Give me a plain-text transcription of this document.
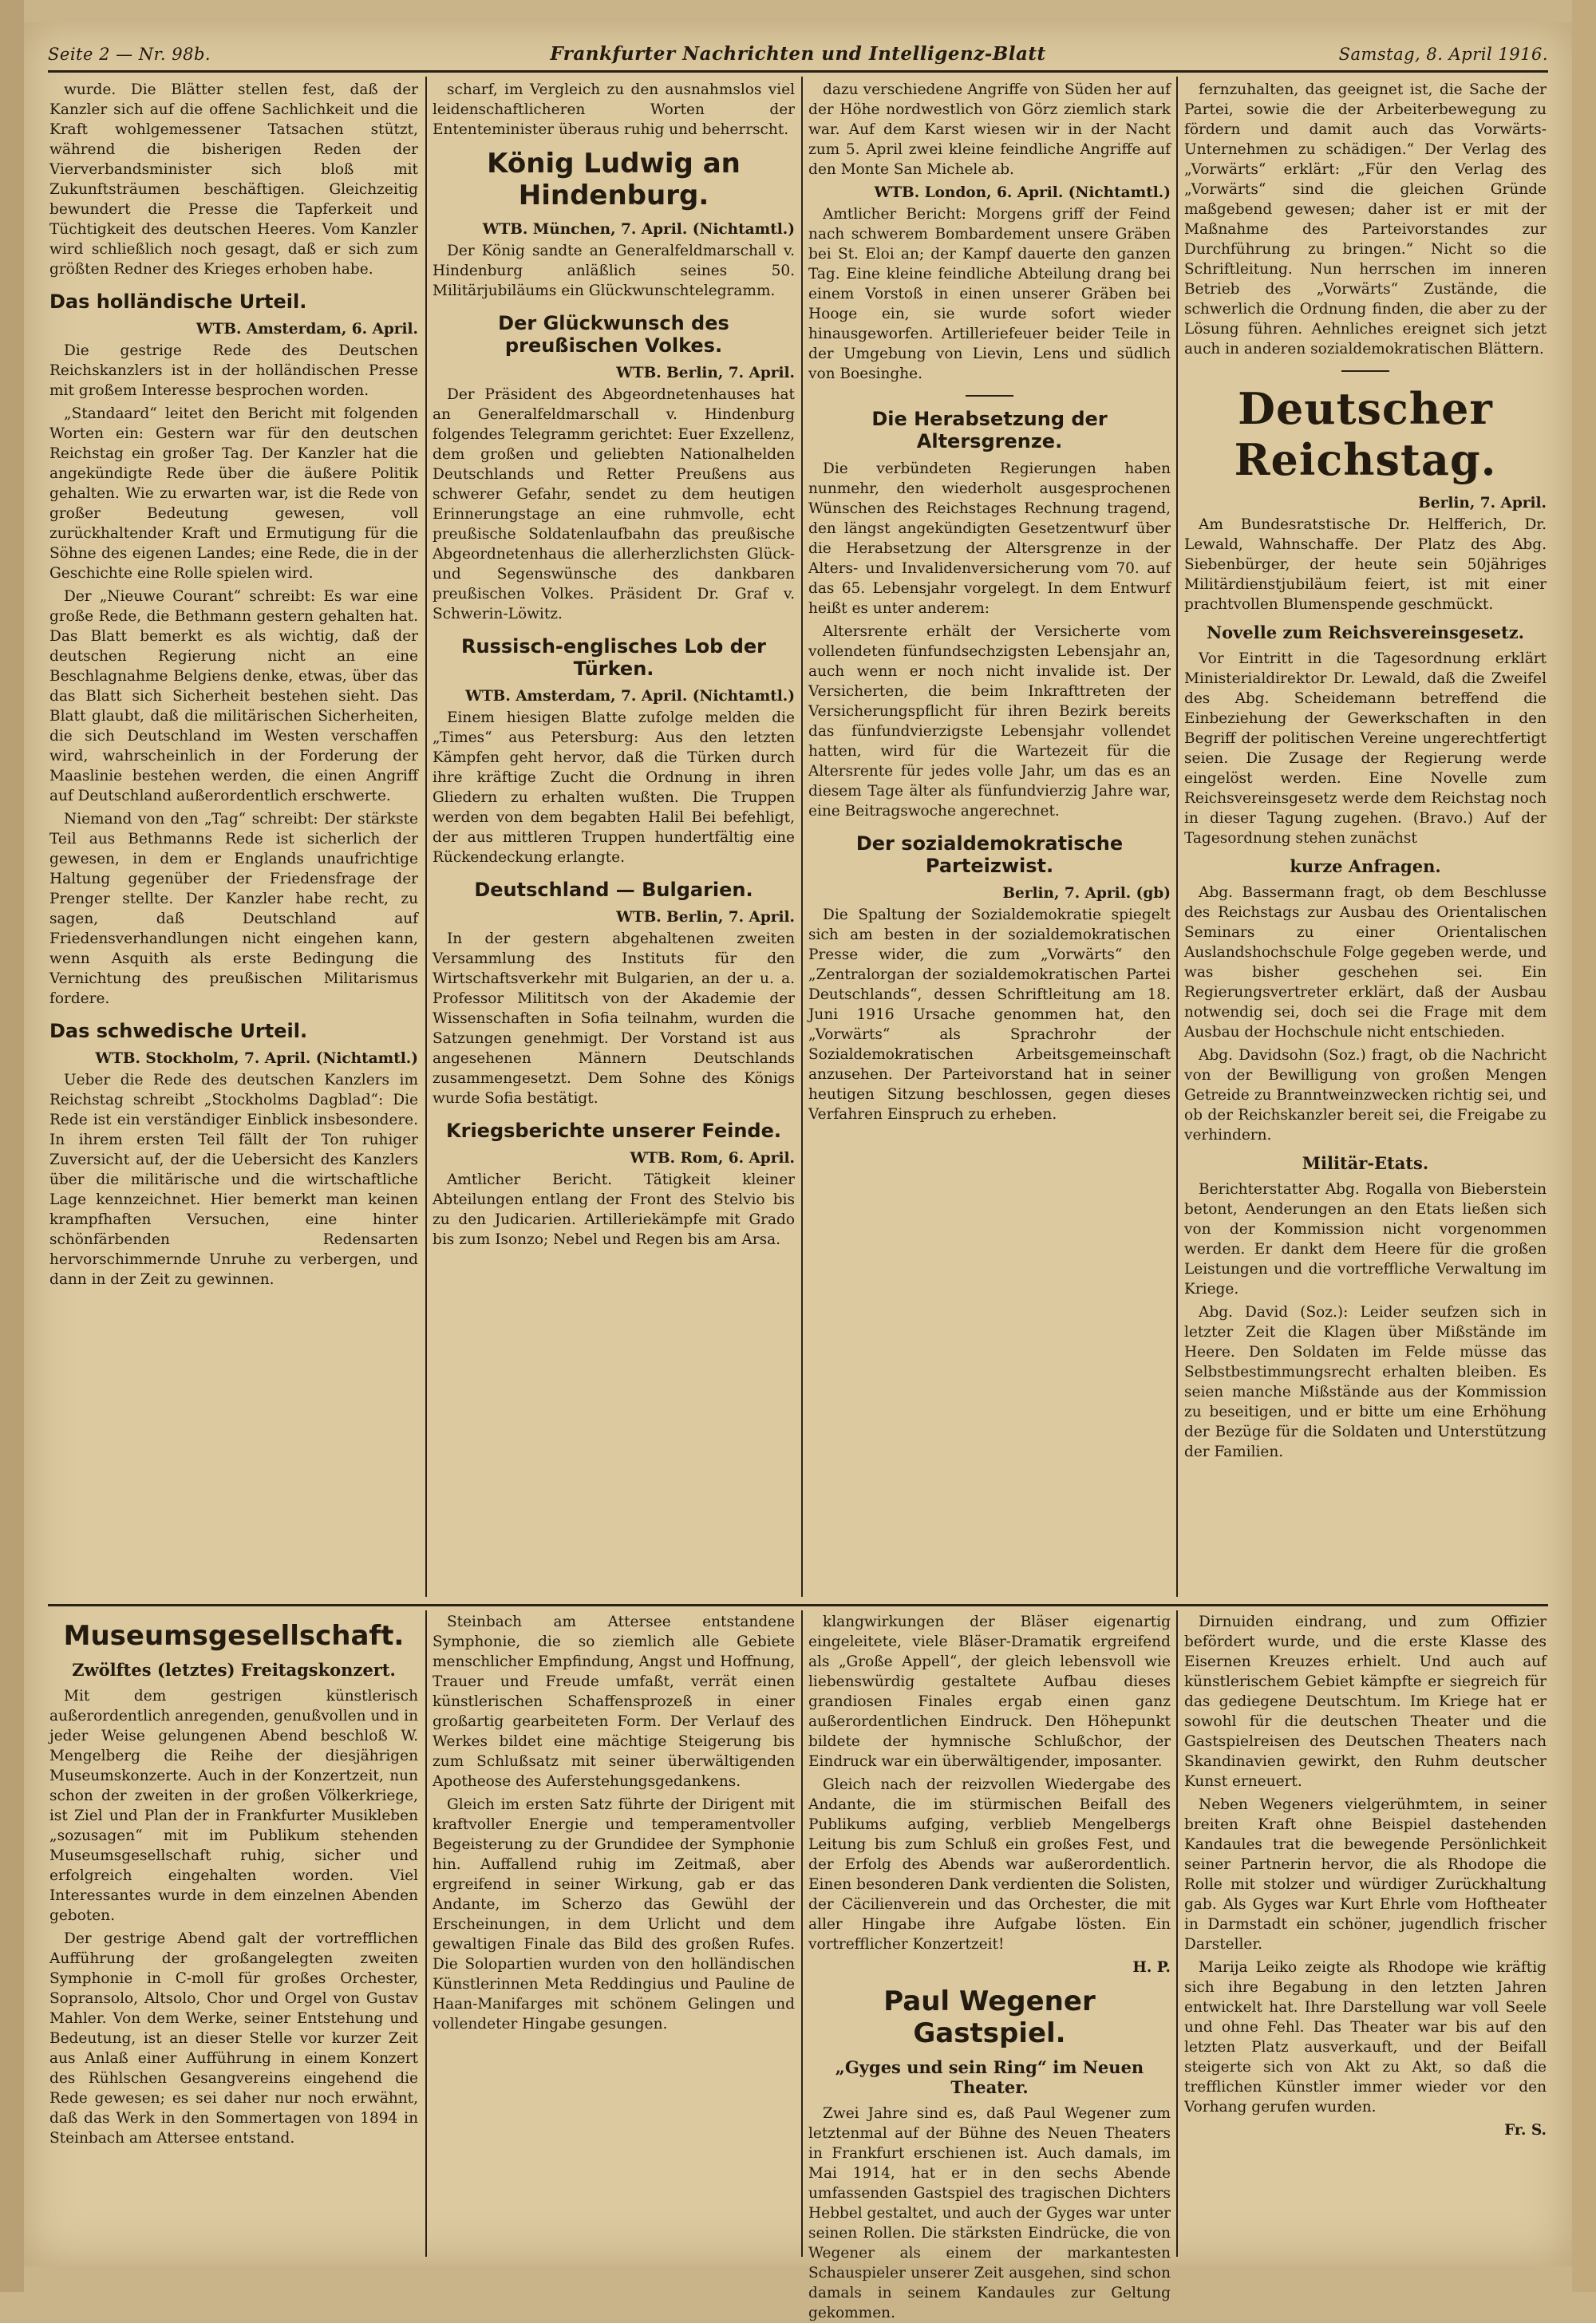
Seite 2 — Nr. 98b.	Frankfurter Nachrichten und Intelligenz-Blatt	Samstag, 8. April 1916.

wurde. Die Blätter stellen fest, daß der Kanzler sich auf die offene Sachlichkeit und die Kraft wohlgemessener Tatsachen stützt, während die bisherigen Reden der Vierverbandsminister sich bloß mit Zukunftsträumen beschäftigen. Gleichzeitig bewundert die Presse die Tapferkeit und Tüchtigkeit des deutschen Heeres. Vom Kanzler wird schließlich noch gesagt, daß er sich zum größten Redner des Krieges erhoben habe.

Das holländische Urteil.
WTB. Amsterdam, 6. April.

Die gestrige Rede des Deutschen Reichskanzlers ist in der holländischen Presse mit großem Interesse besprochen worden.

„Standaard“ leitet den Bericht mit folgenden Worten ein: Gestern war für den deutschen Reichstag ein großer Tag. Der Kanzler hat die angekündigte Rede über die äußere Politik gehalten. Wie zu erwarten war, ist die Rede von großer Bedeutung gewesen, voll zurückhaltender Kraft und Ermutigung für die Söhne des eigenen Landes; eine Rede, die in der Geschichte eine Rolle spielen wird.

Der „Nieuwe Courant“ schreibt: Es war eine große Rede, die Bethmann gestern gehalten hat. Das Blatt bemerkt es als wichtig, daß der deutschen Regierung nicht an eine Beschlagnahme Belgiens denke, etwas, über das das Blatt sich Sicherheit bestehen sieht. Das Blatt glaubt, daß die militärischen Sicherheiten, die sich Deutschland im Westen verschaffen wird, wahrscheinlich in der Forderung der Maaslinie bestehen werden, die einen Angriff auf Deutschland außerordentlich erschwerte.

Niemand von den „Tag“ schreibt: Der stärkste Teil aus Bethmanns Rede ist sicherlich der gewesen, in dem er Englands unaufrichtige Haltung gegenüber der Friedensfrage der Prenger stellte. Der Kanzler habe recht, zu sagen, daß Deutschland auf Friedensverhandlungen nicht eingehen kann, wenn Asquith als erste Bedingung die Vernichtung des preußischen Militarismus fordere.

Das schwedische Urteil.
WTB. Stockholm, 7. April. (Nichtamtl.)

Ueber die Rede des deutschen Kanzlers im Reichstag schreibt „Stockholms Dagblad“: Die Rede ist ein verständiger Einblick insbesondere. In ihrem ersten Teil fällt der Ton ruhiger Zuversicht auf, der die Uebersicht des Kanzlers über die militärische und die wirtschaftliche Lage kennzeichnet. Hier bemerkt man keinen krampfhaften Versuchen, eine hinter schönfärbenden Redensarten hervorschimmernde Unruhe zu verbergen, und dann in der Zeit zu gewinnen.

scharf, im Vergleich zu den ausnahmslos viel leidenschaftlicheren Worten der Ententeminister überaus ruhig und beherrscht.

König Ludwig an Hindenburg.
WTB. München, 7. April. (Nichtamtl.)

Der König sandte an Generalfeldmarschall v. Hindenburg anläßlich seines 50. Militärjubiläums ein Glückwunschtelegramm.

Der Glückwunsch des preußischen Volkes.
WTB. Berlin, 7. April.

Der Präsident des Abgeordnetenhauses hat an Generalfeldmarschall v. Hindenburg folgendes Telegramm gerichtet: Euer Exzellenz, dem großen und geliebten Nationalhelden Deutschlands und Retter Preußens aus schwerer Gefahr, sendet zu dem heutigen Erinnerungstage an eine ruhmvolle, echt preußische Soldatenlaufbahn das preußische Abgeordnetenhaus die allerherzlichsten Glück- und Segenswünsche des dankbaren preußischen Volkes. Präsident Dr. Graf v. Schwerin-Löwitz.

Russisch-englisches Lob der Türken.
WTB. Amsterdam, 7. April. (Nichtamtl.)

Einem hiesigen Blatte zufolge melden die „Times“ aus Petersburg: Aus den letzten Kämpfen geht hervor, daß die Türken durch ihre kräftige Zucht die Ordnung in ihren Gliedern zu erhalten wußten. Die Truppen werden von dem begabten Halil Bei befehligt, der aus mittleren Truppen hundertfältig eine Rückendeckung erlangte.

Deutschland — Bulgarien.
WTB. Berlin, 7. April.

In der gestern abgehaltenen zweiten Versammlung des Instituts für den Wirtschaftsverkehr mit Bulgarien, an der u. a. Professor Milititsch von der Akademie der Wissenschaften in Sofia teilnahm, wurden die Satzungen genehmigt. Der Vorstand ist aus angesehenen Männern Deutschlands zusammengesetzt. Dem Sohne des Königs wurde Sofia bestätigt.

Kriegsberichte unserer Feinde.
WTB. Rom, 6. April.

Amtlicher Bericht. Tätigkeit kleiner Abteilungen entlang der Front des Stelvio bis zu den Judicarien. Artilleriekämpfe mit Grado bis zum Isonzo; Nebel und Regen bis am Arsa.

dazu verschiedene Angriffe von Süden her auf der Höhe nordwestlich von Görz ziemlich stark war. Auf dem Karst wiesen wir in der Nacht zum 5. April zwei kleine feindliche Angriffe auf den Monte San Michele ab.

WTB. London, 6. April. (Nichtamtl.)

Amtlicher Bericht: Morgens griff der Feind nach schwerem Bombardement unsere Gräben bei St. Eloi an; der Kampf dauerte den ganzen Tag. Eine kleine feindliche Abteilung drang bei einem Vorstoß in einen unserer Gräben bei Hooge ein, sie wurde sofort wieder hinausgeworfen. Artilleriefeuer beider Teile in der Umgebung von Lievin, Lens und südlich von Boesinghe.

Die Herabsetzung der Altersgrenze.

Die verbündeten Regierungen haben nunmehr, den wiederholt ausgesprochenen Wünschen des Reichstages Rechnung tragend, den längst angekündigten Gesetzentwurf über die Herabsetzung der Altersgrenze in der Alters- und Invalidenversicherung vom 70. auf das 65. Lebensjahr vorgelegt. In dem Entwurf heißt es unter anderem:

Altersrente erhält der Versicherte vom vollendeten fünfundsechzigsten Lebensjahr an, auch wenn er noch nicht invalide ist. Der Versicherten, die beim Inkrafttreten der Versicherungspflicht für ihren Bezirk bereits das fünfundvierzigste Lebensjahr vollendet hatten, wird für die Wartezeit für die Altersrente für jedes volle Jahr, um das es an diesem Tage älter als fünfundvierzig Jahre war, eine Beitragswoche angerechnet.

Der sozialdemokratische Parteizwist.
Berlin, 7. April. (gb)

Die Spaltung der Sozialdemokratie spiegelt sich am besten in der sozialdemokratischen Presse wider, die zum „Vorwärts“ den „Zentralorgan der sozialdemokratischen Partei Deutschlands“, dessen Schriftleitung am 18. Juni 1916 Ursache genommen hat, den „Vorwärts“ als Sprachrohr der Sozialdemokratischen Arbeitsgemeinschaft anzusehen. Der Parteivorstand hat in seiner heutigen Sitzung beschlossen, gegen dieses Verfahren Einspruch zu erheben.

fernzuhalten, das geeignet ist, die Sache der Partei, sowie die der Arbeiterbewegung zu fördern und damit auch das Vorwärts-Unternehmen zu schädigen.“ Der Verlag des „Vorwärts“ erklärt: „Für den Verlag des „Vorwärts“ sind die gleichen Gründe maßgebend gewesen; daher ist er mit der Maßnahme des Parteivorstandes zur Durchführung zu bringen.“ Nicht so die Schriftleitung. Nun herrschen im inneren Betrieb des „Vorwärts“ Zustände, die schwerlich die Ordnung finden, die aber zu der Lösung führen. Aehnliches ereignet sich jetzt auch in anderen sozialdemokratischen Blättern.

Deutscher Reichstag.
Berlin, 7. April.

Am Bundesratstische Dr. Helfferich, Dr. Lewald, Wahnschaffe. Der Platz des Abg. Siebenbürger, der heute sein 50jähriges Militärdienstjubiläum feiert, ist mit einer prachtvollen Blumenspende geschmückt.

Novelle zum Reichsvereinsgesetz.

Vor Eintritt in die Tagesordnung erklärt Ministerialdirektor Dr. Lewald, daß die Zweifel des Abg. Scheidemann betreffend die Einbeziehung der Gewerkschaften in den Begriff der politischen Vereine ungerechtfertigt seien. Die Zusage der Regierung werde eingelöst werden. Eine Novelle zum Reichsvereinsgesetz werde dem Reichstag noch in dieser Tagung zugehen. (Bravo.) Auf der Tagesordnung stehen zunächst

kurze Anfragen.

Abg. Bassermann fragt, ob dem Beschlusse des Reichstags zur Ausbau des Orientalischen Seminars zu einer Orientalischen Auslandshochschule Folge gegeben werde, und was bisher geschehen sei. Ein Regierungsvertreter erklärt, daß der Ausbau notwendig sei, doch sei die Frage mit dem Ausbau der Hochschule nicht entschieden.

Abg. Davidsohn (Soz.) fragt, ob die Nachricht von der Bewilligung von großen Mengen Getreide zu Branntweinzwecken richtig sei, und ob der Reichskanzler bereit sei, die Freigabe zu verhindern.

Militär-Etats.

Berichterstatter Abg. Rogalla von Bieberstein betont, Aenderungen an den Etats ließen sich von der Kommission nicht vorgenommen werden. Er dankt dem Heere für die großen Leistungen und die vortreffliche Verwaltung im Kriege.

Abg. David (Soz.): Leider seufzen sich in letzter Zeit die Klagen über Mißstände im Heere. Den Soldaten im Felde müsse das Selbstbestimmungsrecht erhalten bleiben. Es seien manche Mißstände aus der Kommission zu beseitigen, und er bitte um eine Erhöhung der Bezüge für die Soldaten und Unterstützung der Familien.

Museumsgesellschaft.
Zwölftes (letztes) Freitagskonzert.

Mit dem gestrigen künstlerisch außerordentlich anregenden, genußvollen und in jeder Weise gelungenen Abend beschloß W. Mengelberg die Reihe der diesjährigen Museumskonzerte. Auch in der Konzertzeit, nun schon der zweiten in der großen Völkerkriege, ist Ziel und Plan der in Frankfurter Musikleben „sozusagen“ mit im Publikum stehenden Museumsgesellschaft ruhig, sicher und erfolgreich eingehalten worden. Viel Interessantes wurde in dem einzelnen Abenden geboten.

Der gestrige Abend galt der vortrefflichen Aufführung der großangelegten zweiten Symphonie in C-moll für großes Orchester, Sopransolo, Altsolo, Chor und Orgel von Gustav Mahler. Von dem Werke, seiner Entstehung und Bedeutung, ist an dieser Stelle vor kurzer Zeit aus Anlaß einer Aufführung in einem Konzert des Rühlschen Gesangvereins eingehend die Rede gewesen; es sei daher nur noch erwähnt, daß das Werk in den Sommertagen von 1894 in Steinbach am Attersee entstand.

Steinbach am Attersee entstandene Symphonie, die so ziemlich alle Gebiete menschlicher Empfindung, Angst und Hoffnung, Trauer und Freude umfaßt, verrät einen künstlerischen Schaffensprozeß in einer großartig gearbeiteten Form. Der Verlauf des Werkes bildet eine mächtige Steigerung bis zum Schlußsatz mit seiner überwältigenden Apotheose des Auferstehungsgedankens.

Gleich im ersten Satz führte der Dirigent mit kraftvoller Energie und temperamentvoller Begeisterung zu der Grundidee der Symphonie hin. Auffallend ruhig im Zeitmaß, aber ergreifend in seiner Wirkung, gab er das Andante, im Scherzo das Gewühl der Erscheinungen, in dem Urlicht und dem gewaltigen Finale das Bild des großen Rufes. Die Solopartien wurden von den holländischen Künstlerinnen Meta Reddingius und Pauline de Haan-Manifarges mit schönem Gelingen und vollendeter Hingabe gesungen.

klangwirkungen der Bläser eigenartig eingeleitete, viele Bläser-Dramatik ergreifend als „Große Appell“, der gleich lebensvoll wie liebenswürdig gestaltete Aufbau dieses grandiosen Finales ergab einen ganz außerordentlichen Eindruck. Den Höhepunkt bildete der hymnische Schlußchor, der Eindruck war ein überwältigender, imposanter.

Gleich nach der reizvollen Wiedergabe des Andante, die im stürmischen Beifall des Publikums aufging, verblieb Mengelbergs Leitung bis zum Schluß ein großes Fest, und der Erfolg des Abends war außerordentlich. Einen besonderen Dank verdienten die Solisten, der Cäcilienverein und das Orchester, die mit aller Hingabe ihre Aufgabe lösten. Ein vortrefflicher Konzertzeit!

H. P.
Paul Wegener Gastspiel.
„Gyges und sein Ring“ im Neuen Theater.

Zwei Jahre sind es, daß Paul Wegener zum letztenmal auf der Bühne des Neuen Theaters in Frankfurt erschienen ist. Auch damals, im Mai 1914, hat er in den sechs Abende umfassenden Gastspiel des tragischen Dichters Hebbel gestaltet, und auch der Gyges war unter seinen Rollen. Die stärksten Eindrücke, die von Wegener als einem der markantesten Schauspieler unserer Zeit ausgehen, sind schon damals in seinem Kandaules zur Geltung gekommen.

Dirnuiden eindrang, und zum Offizier befördert wurde, und die erste Klasse des Eisernen Kreuzes erhielt. Und auch auf künstlerischem Gebiet kämpfte er siegreich für das gediegene Deutschtum. Im Kriege hat er sowohl für die deutschen Theater und die Gastspielreisen des Deutschen Theaters nach Skandinavien gewirkt, den Ruhm deutscher Kunst erneuert.

Neben Wegeners vielgerühmtem, in seiner breiten Kraft ohne Beispiel dastehenden Kandaules trat die bewegende Persönlichkeit seiner Partnerin hervor, die als Rhodope die Rolle mit stolzer und würdiger Zurückhaltung gab. Als Gyges war Kurt Ehrle vom Hoftheater in Darmstadt ein schöner, jugendlich frischer Darsteller.

Marija Leiko zeigte als Rhodope wie kräftig sich ihre Begabung in den letzten Jahren entwickelt hat. Ihre Darstellung war voll Seele und ohne Fehl. Das Theater war bis auf den letzten Platz ausverkauft, und der Beifall steigerte sich von Akt zu Akt, so daß die trefflichen Künstler immer wieder vor den Vorhang gerufen wurden.

Fr. S.
